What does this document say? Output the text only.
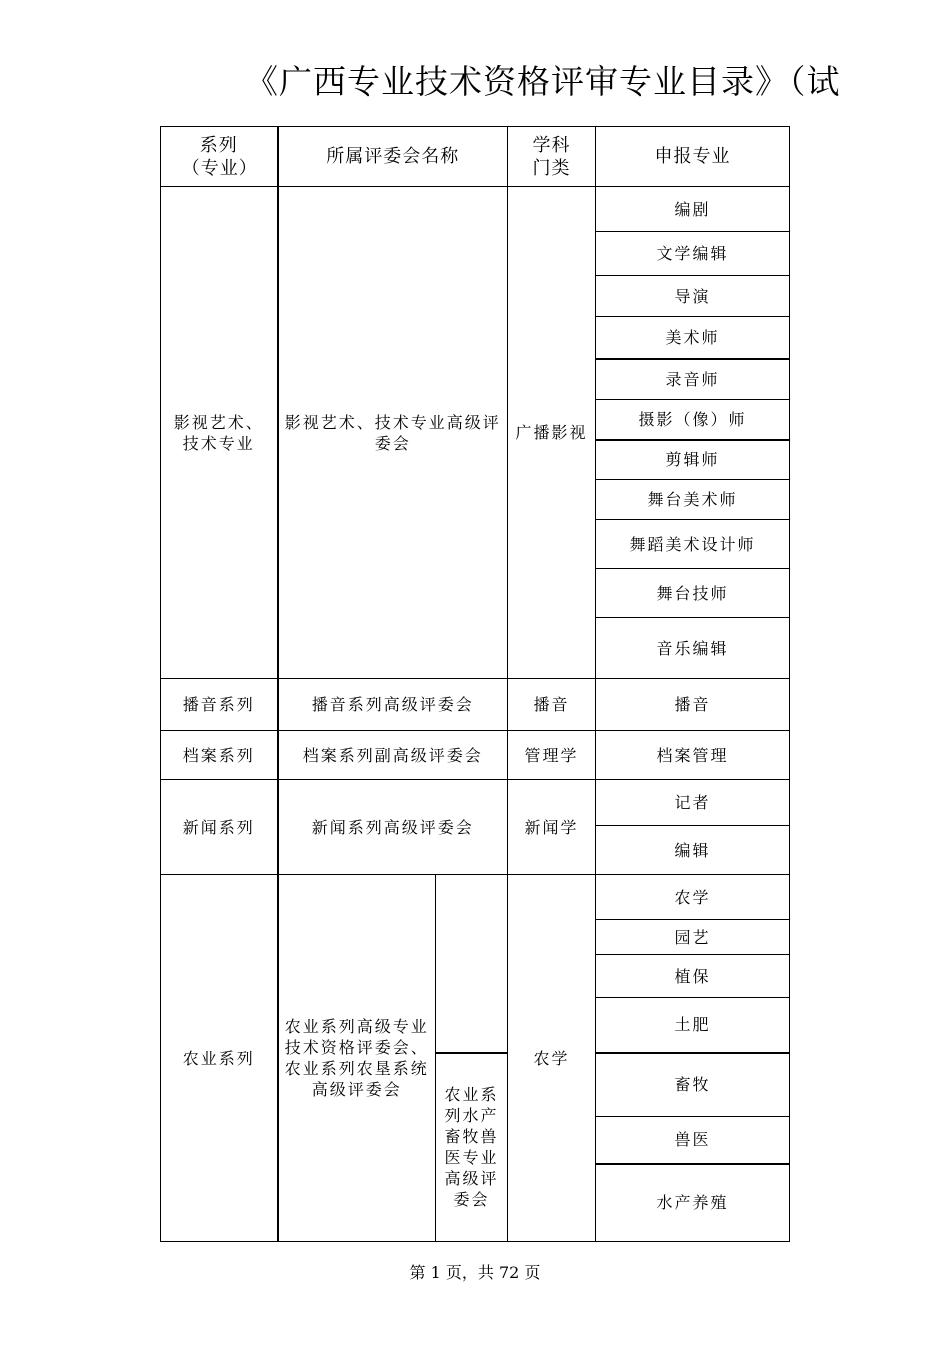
《广西专业技术资格评审专业目录》（试
系列（专业）	所属评委会名称		学科门类	申报专业

影视艺术、技术专业	影视艺术、技术专业高级评委会		广播影视	编剧
				文学编辑
				导演
				美术师
				录音师
				摄影（像）师
				剪辑师
				舞台美术师
				舞蹈美术设计师
				舞台技师
				音乐编辑
播音系列	播音系列高级评委会		播音	播音
档案系列	档案系列副高级评委会		管理学	档案管理
新闻系列	新闻系列高级评委会		新闻学	记者
				编辑
农业系列	农业系列高级专业技术资格评委会、农业系列农垦系统高级评委会		农学	农学
				园艺
				植保
				土肥

		农业系列水产畜牧兽医专业高级评委会		畜牧
				兽医
				水产养殖
第 1 页，共 72 页
